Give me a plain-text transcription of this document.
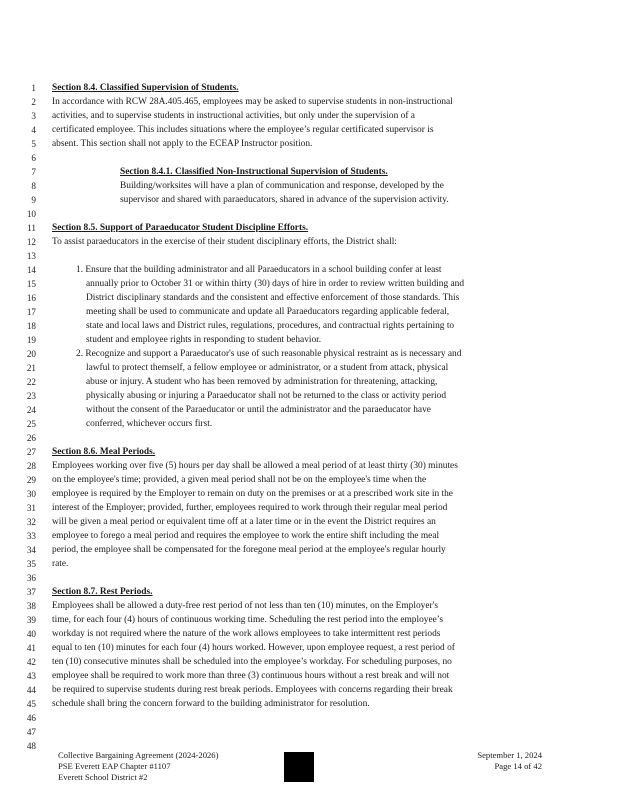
1
2
3
4
5
6
7
8
9
10
11
12
13
14
15
16
17
18
19
20
21
22
23
24
25
26
27
28
29
30
31
32
33
34
35
36
37
38
39
40
41
42
43
44
45
46
47
48
Section 8.4. Classified Supervision of Students.
In accordance with RCW 28A.405.465, employees may be asked to supervise students in non-instructional
activities, and to supervise students in instructional activities, but only under the supervision of a
certificated employee. This includes situations where the employee’s regular certificated supervisor is
absent. This section shall not apply to the ECEAP Instructor position.
Section 8.4.1. Classified Non-Instructional Supervision of Students.
Building/worksites will have a plan of communication and response, developed by the
supervisor and shared with paraeducators, shared in advance of the supervision activity.
Section 8.5. Support of Paraeducator Student Discipline Efforts.
To assist paraeducators in the exercise of their student disciplinary efforts, the District shall:
1. Ensure that the building administrator and all Paraeducators in a school building confer at least
annually prior to October 31 or within thirty (30) days of hire in order to review written building and
District disciplinary standards and the consistent and effective enforcement of those standards. This
meeting shall be used to communicate and update all Paraeducators regarding applicable federal,
state and local laws and District rules, regulations, procedures, and contractual rights pertaining to
student and employee rights in responding to student behavior.
2. Recognize and support a Paraeducator's use of such reasonable physical restraint as is necessary and
lawful to protect themself, a fellow employee or administrator, or a student from attack, physical
abuse or injury. A student who has been removed by administration for threatening, attacking,
physically abusing or injuring a Paraeducator shall not be returned to the class or activity period
without the consent of the Paraeducator or until the administrator and the paraeducator have
conferred, whichever occurs first.
Section 8.6. Meal Periods.
Employees working over five (5) hours per day shall be allowed a meal period of at least thirty (30) minutes
on the employee's time; provided, a given meal period shall not be on the employee's time when the
employee is required by the Employer to remain on duty on the premises or at a prescribed work site in the
interest of the Employer; provided, further, employees required to work through their regular meal period
will be given a meal period or equivalent time off at a later time or in the event the District requires an
employee to forego a meal period and requires the employee to work the entire shift including the meal
period, the employee shall be compensated for the foregone meal period at the employee's regular hourly
rate.
Section 8.7. Rest Periods.
Employees shall be allowed a duty-free rest period of not less than ten (10) minutes, on the Employer's
time, for each four (4) hours of continuous working time. Scheduling the rest period into the employee’s
workday is not required where the nature of the work allows employees to take intermittent rest periods
equal to ten (10) minutes for each four (4) hours worked. However, upon employee request, a rest period of
ten (10) consecutive minutes shall be scheduled into the employee’s workday. For scheduling purposes, no
employee shall be required to work more than three (3) continuous hours without a rest break and will not
be required to supervise students during rest break periods. Employees with concerns regarding their break
schedule shall bring the concern forward to the building administrator for resolution.
Collective Bargaining Agreement (2024-2026)
PSE Everett EAP Chapter #1107
Everett School District #2
September 1, 2024
Page 14 of 42
